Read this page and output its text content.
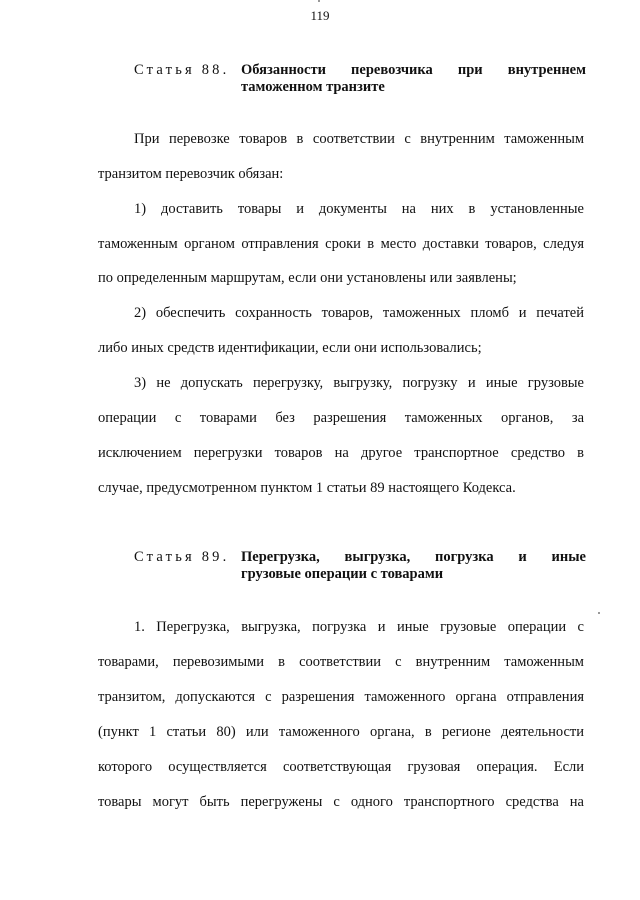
119
Статья 88. Обязанности перевозчика при внутреннем
таможенном транзите
При перевозке товаров в соответствии с внутренним таможенным
транзитом перевозчик обязан:
1) доставить товары и документы на них в установленные
таможенным органом отправления сроки в место доставки товаров, следуя
по определенным маршрутам, если они установлены или заявлены;
2) обеспечить сохранность товаров, таможенных пломб и печатей
либо иных средств идентификации, если они использовались;
3) не допускать перегрузку, выгрузку, погрузку и иные грузовые
операции с товарами без разрешения таможенных органов, за
исключением перегрузки товаров на другое транспортное средство в
случае, предусмотренном пунктом 1 статьи 89 настоящего Кодекса.
Статья 89. Перегрузка, выгрузка, погрузка и иные
грузовые операции с товарами
1. Перегрузка, выгрузка, погрузка и иные грузовые операции с
товарами, перевозимыми в соответствии с внутренним таможенным
транзитом, допускаются с разрешения таможенного органа отправления
(пункт 1 статьи 80) или таможенного органа, в регионе деятельности
которого осуществляется соответствующая грузовая операция. Если
товары могут быть перегружены с одного транспортного средства на
